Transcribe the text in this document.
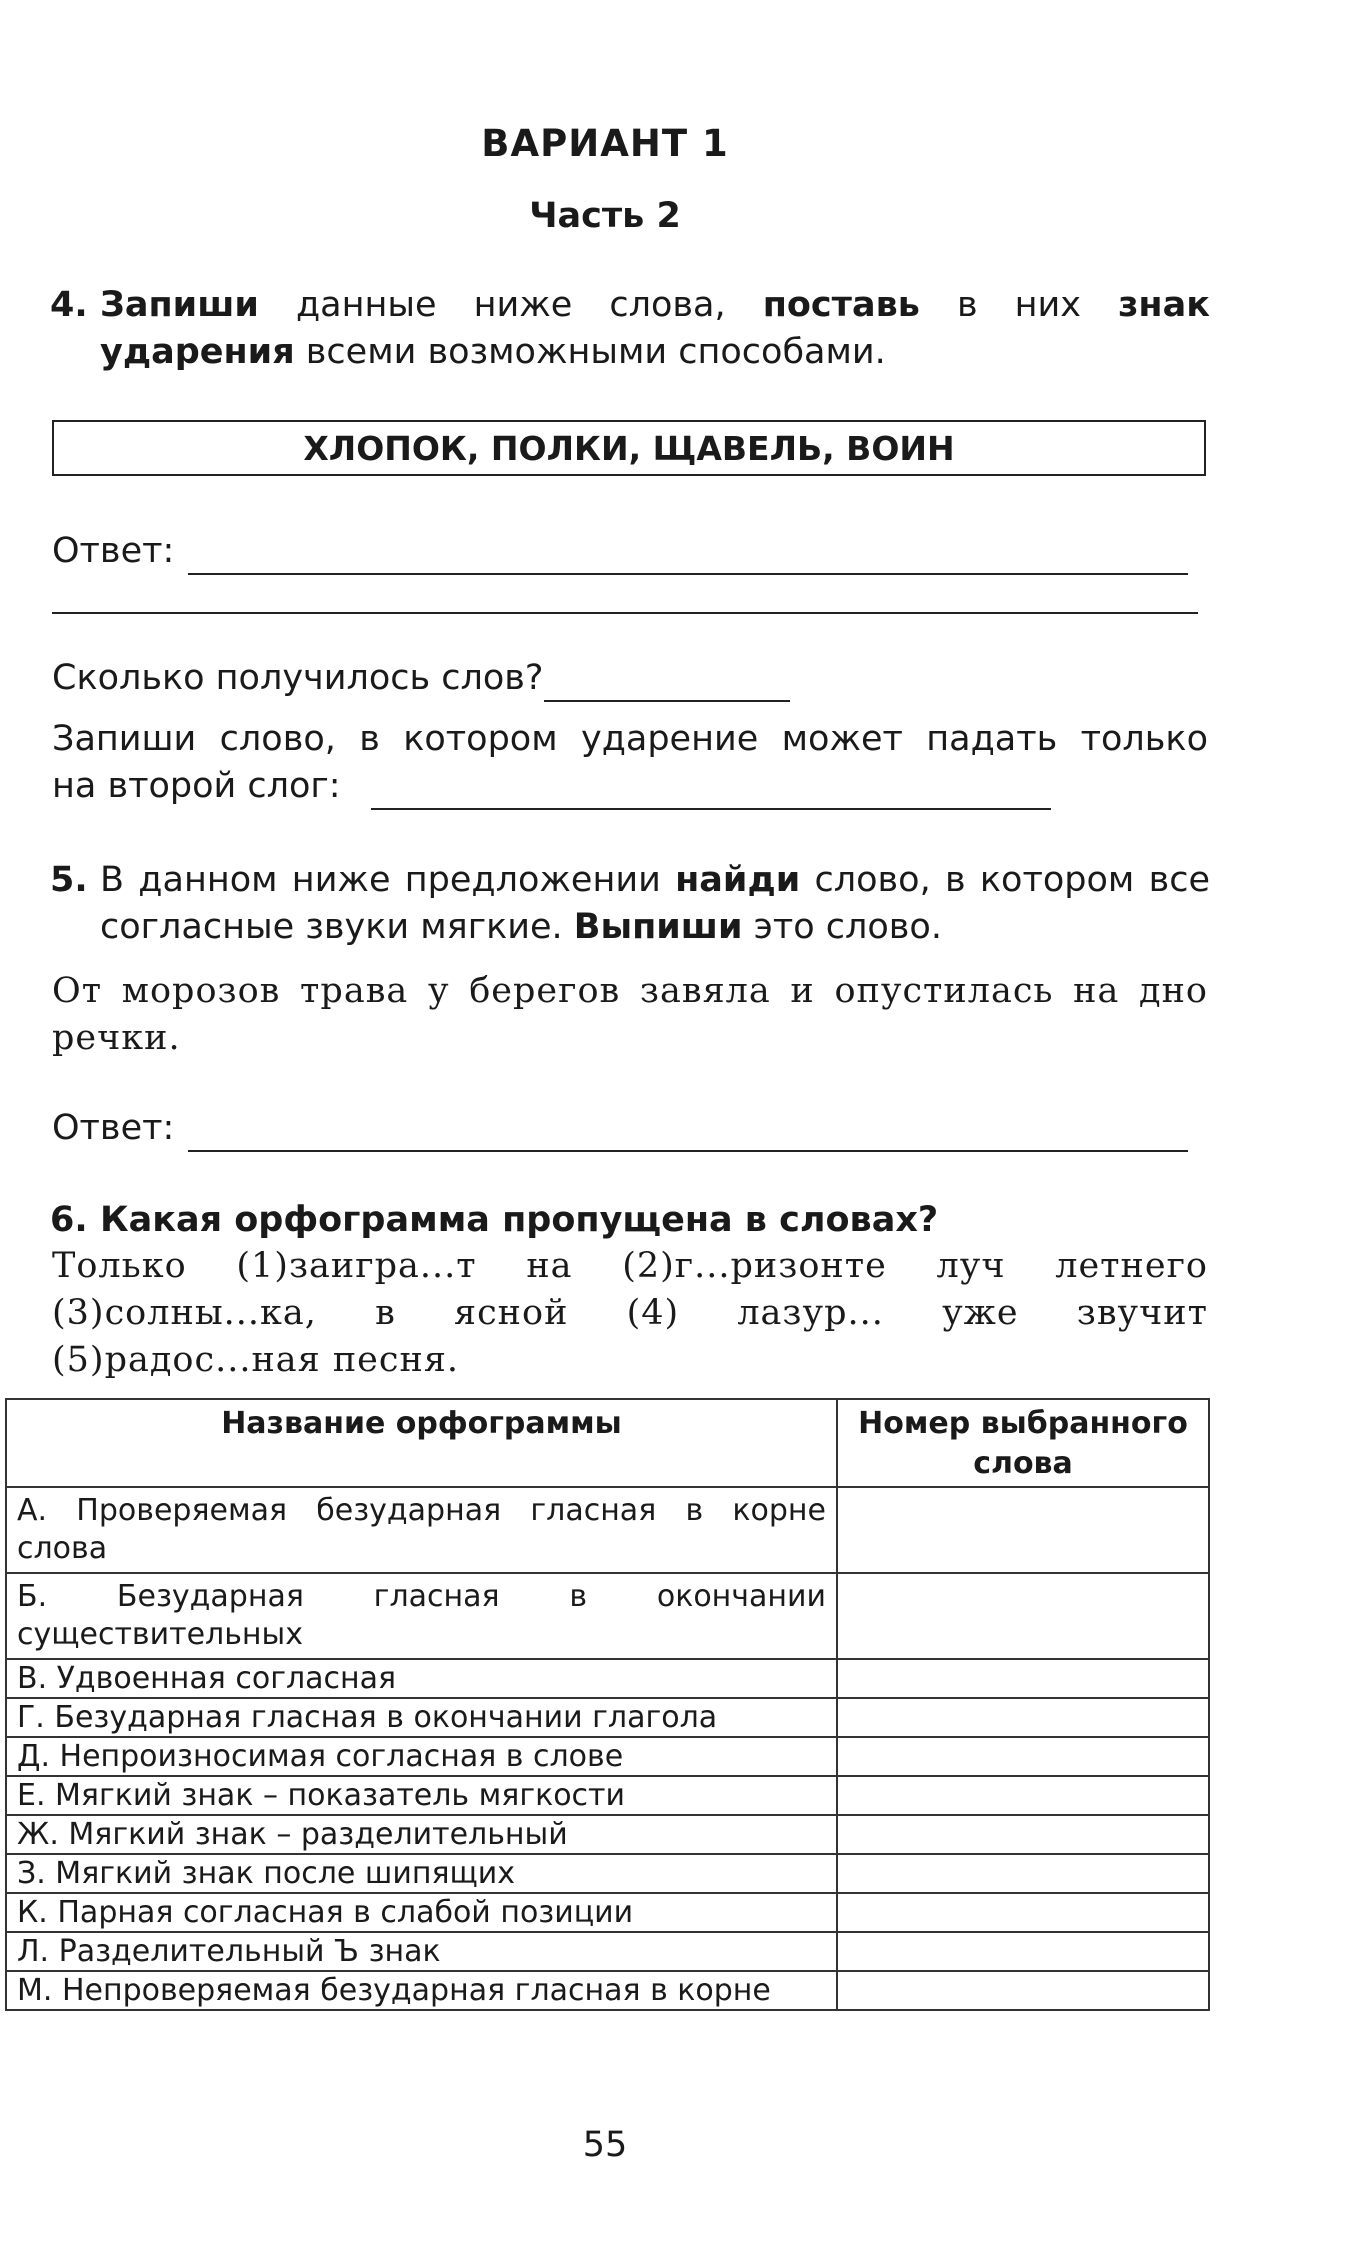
ВАРИАНТ 1
Часть 2
4. Запиши данные ниже слова, поставь в них знак ударения всеми возможными способами.
ХЛОПОК, ПОЛКИ, ЩАВЕЛЬ, ВОИН
Ответ:
Сколько получилось слов?
Запиши слово, в котором ударение может падать только
на второй слог:
5. В данном ниже предложении найди слово, в котором все согласные звуки мягкие. Выпиши это слово.
От морозов трава у берегов завяла и опустилась на дно речки.
Ответ:
6. Какая орфограмма пропущена в словах?
Только (1)заигра...т на (2)г...ризонте луч летнего
(3)солны...ка, в ясной (4) лазур... уже звучит
(5)радос...ная песня.
Название орфограммы	Номер выбранного слова
А. Проверяемая безударная гласная в корне слова	
Б. Безударная гласная в окончании существительных	
В. Удвоенная согласная	
Г. Безударная гласная в окончании глагола	
Д. Непроизносимая согласная в слове	
Е. Мягкий знак – показатель мягкости	
Ж. Мягкий знак – разделительный	
З. Мягкий знак после шипящих	
К. Парная согласная в слабой позиции	
Л. Разделительный Ъ знак	
М. Непроверяемая безударная гласная в корне	
55
